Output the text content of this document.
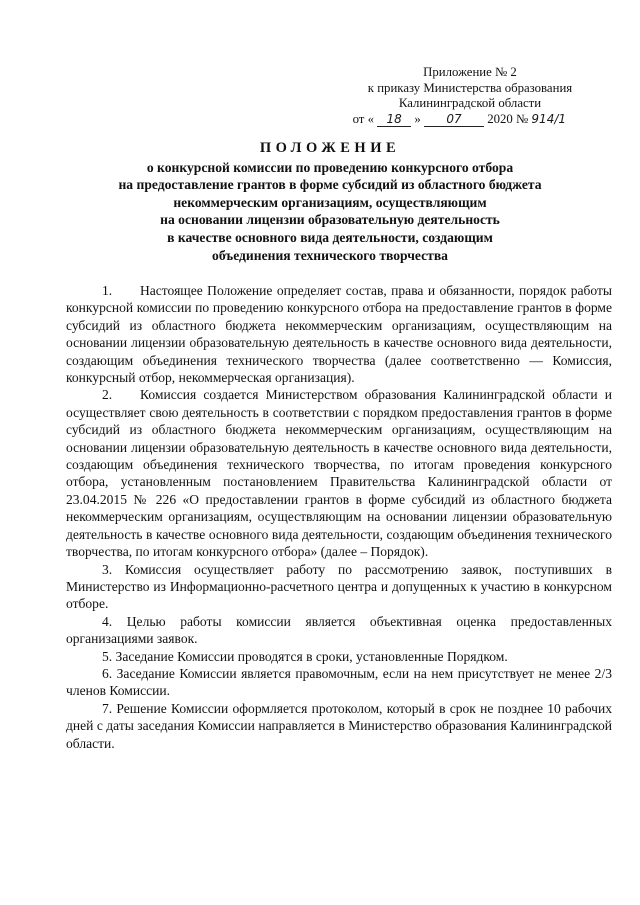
Приложение № 2
к приказу Министерства образования
Калининградской области
от « 18 » 07 2020 № 914/1
ПОЛОЖЕНИЕ
о конкурсной комиссии по проведению конкурсного отбора
на предоставление грантов в форме субсидий из областного бюджета
некоммерческим организациям, осуществляющим
на основании лицензии образовательную деятельность
в качестве основного вида деятельности, создающим
объединения технического творчества

1. Настоящее Положение определяет состав, права и обязанности, порядок работы конкурсной комиссии по проведению конкурсного отбора на предоставление грантов в форме субсидий из областного бюджета некоммерческим организациям, осуществляющим на основании лицензии образовательную деятельность в качестве основного вида деятельности, создающим объединения технического творчества (далее соответственно — Комиссия, конкурсный отбор, некоммерческая организация).

2. Комиссия создается Министерством образования Калининградской области и осуществляет свою деятельность в соответствии с порядком предоставления грантов в форме субсидий из областного бюджета некоммерческим организациям, осуществляющим на основании лицензии образовательную деятельность в качестве основного вида деятельности, создающим объединения технического творчества, по итогам проведения конкурсного отбора, установленным постановлением Правительства Калининградской области от 23.04.2015 № 226 «О предоставлении грантов в форме субсидий из областного бюджета некоммерческим организациям, осуществляющим на основании лицензии образовательную деятельность в качестве основного вида деятельности, создающим объединения технического творчества, по итогам конкурсного отбора» (далее – Порядок).

3. Комиссия осуществляет работу по рассмотрению заявок, поступивших в Министерство из Информационно-расчетного центра и допущенных к участию в конкурсном отборе.

4. Целью работы комиссии является объективная оценка предоставленных организациями заявок.

5. Заседание Комиссии проводятся в сроки, установленные Порядком.

6. Заседание Комиссии является правомочным, если на нем присутствует не менее 2/3 членов Комиссии.

7. Решение Комиссии оформляется протоколом, который в срок не позднее 10 рабочих дней с даты заседания Комиссии направляется в Министерство образования Калининградской области.
